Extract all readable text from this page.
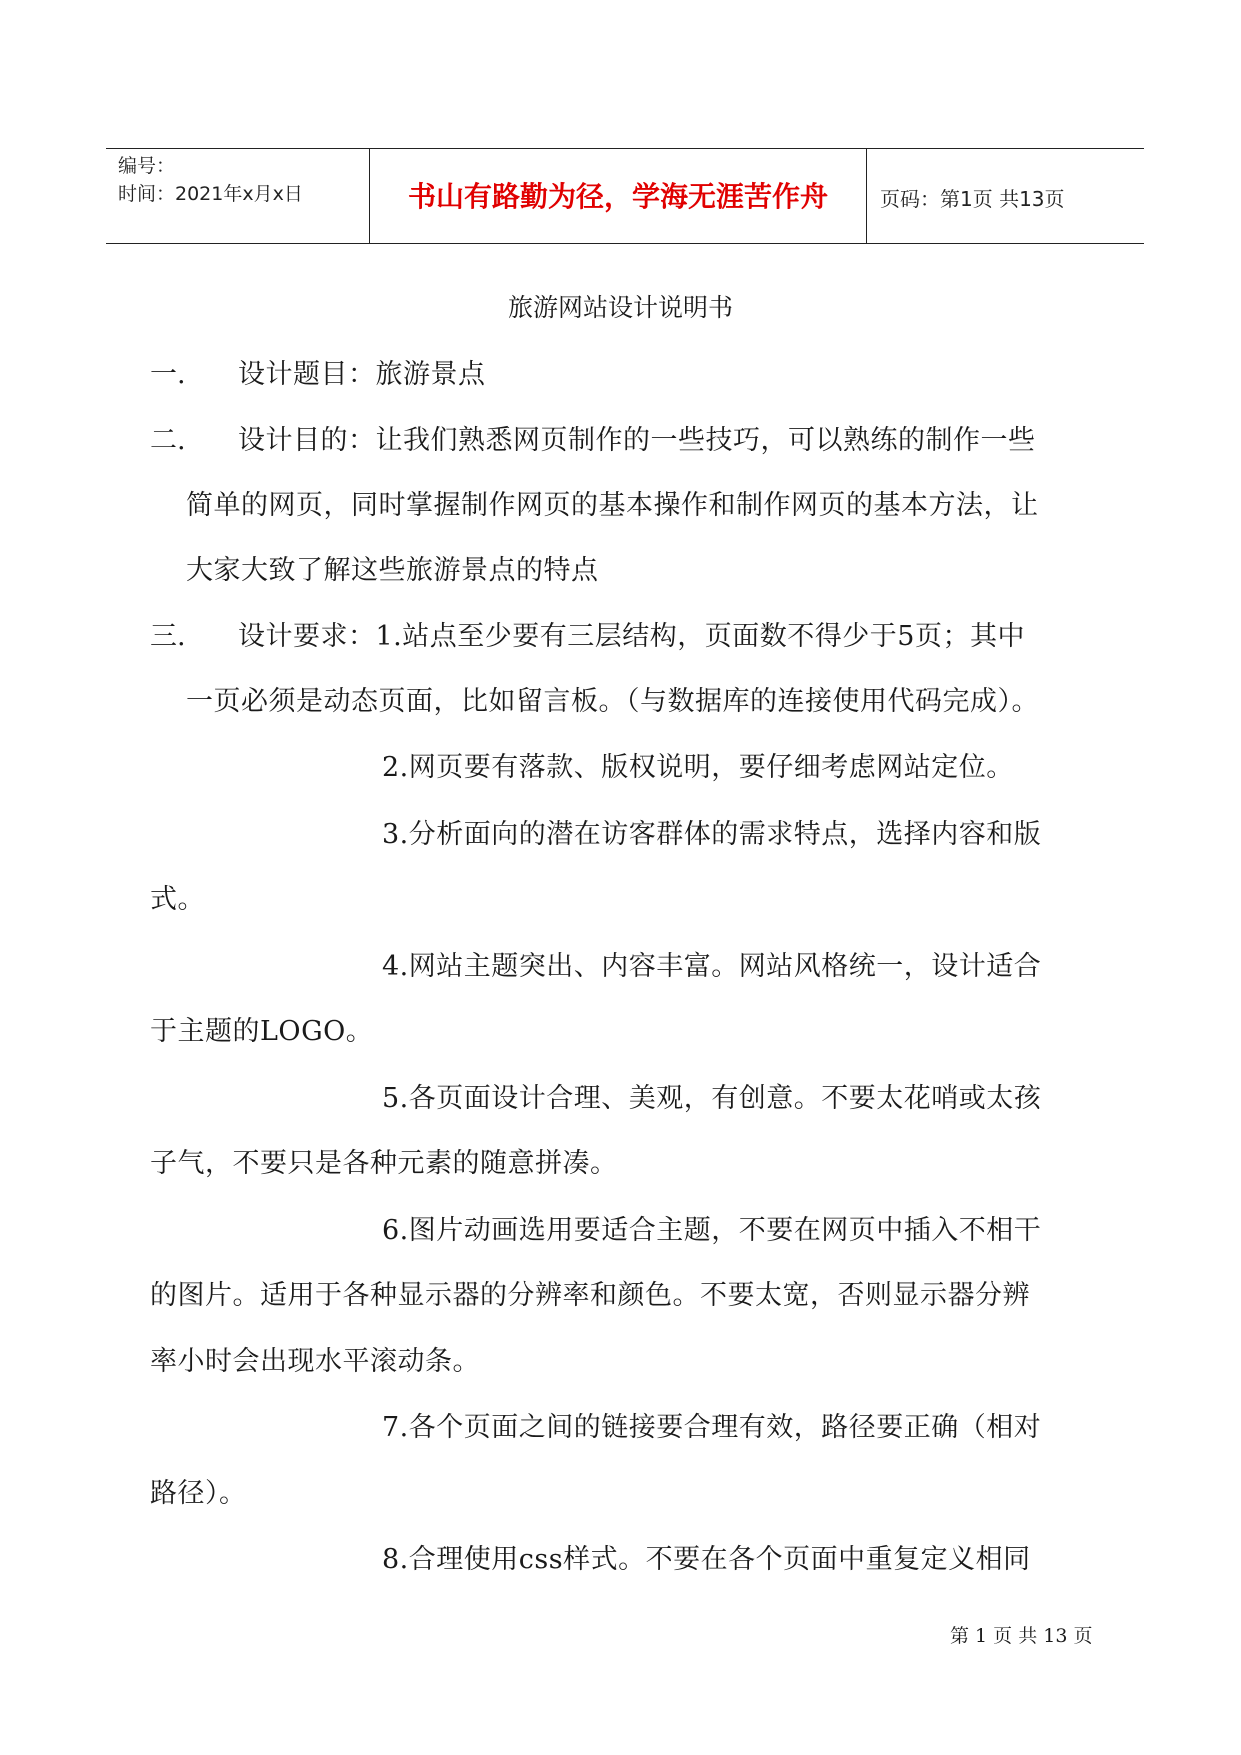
编号：
时间：2021年x月x日	书山有路勤为径，学海无涯苦作舟	页码：第1页 共13页
旅游网站设计说明书
一. 设计题目：旅游景点
二. 设计目的：让我们熟悉网页制作的一些技巧，可以熟练的制作一些
简单的网页，同时掌握制作网页的基本操作和制作网页的基本方法，让
大家大致了解这些旅游景点的特点
三. 设计要求：1.站点至少要有三层结构，页面数不得少于5页；其中
一页必须是动态页面，比如留言板。（与数据库的连接使用代码完成）。
2.网页要有落款、版权说明，要仔细考虑网站定位。
3.分析面向的潜在访客群体的需求特点，选择内容和版
式。
4.网站主题突出、内容丰富。网站风格统一，设计适合
于主题的LOGO。
5.各页面设计合理、美观，有创意。不要太花哨或太孩
子气，不要只是各种元素的随意拼凑。
6.图片动画选用要适合主题，不要在网页中插入不相干
的图片。适用于各种显示器的分辨率和颜色。不要太宽，否则显示器分辨
率小时会出现水平滚动条。
7.各个页面之间的链接要合理有效，路径要正确（相对
路径）。
8.合理使用css样式。不要在各个页面中重复定义相同
第 1 页 共 13 页
